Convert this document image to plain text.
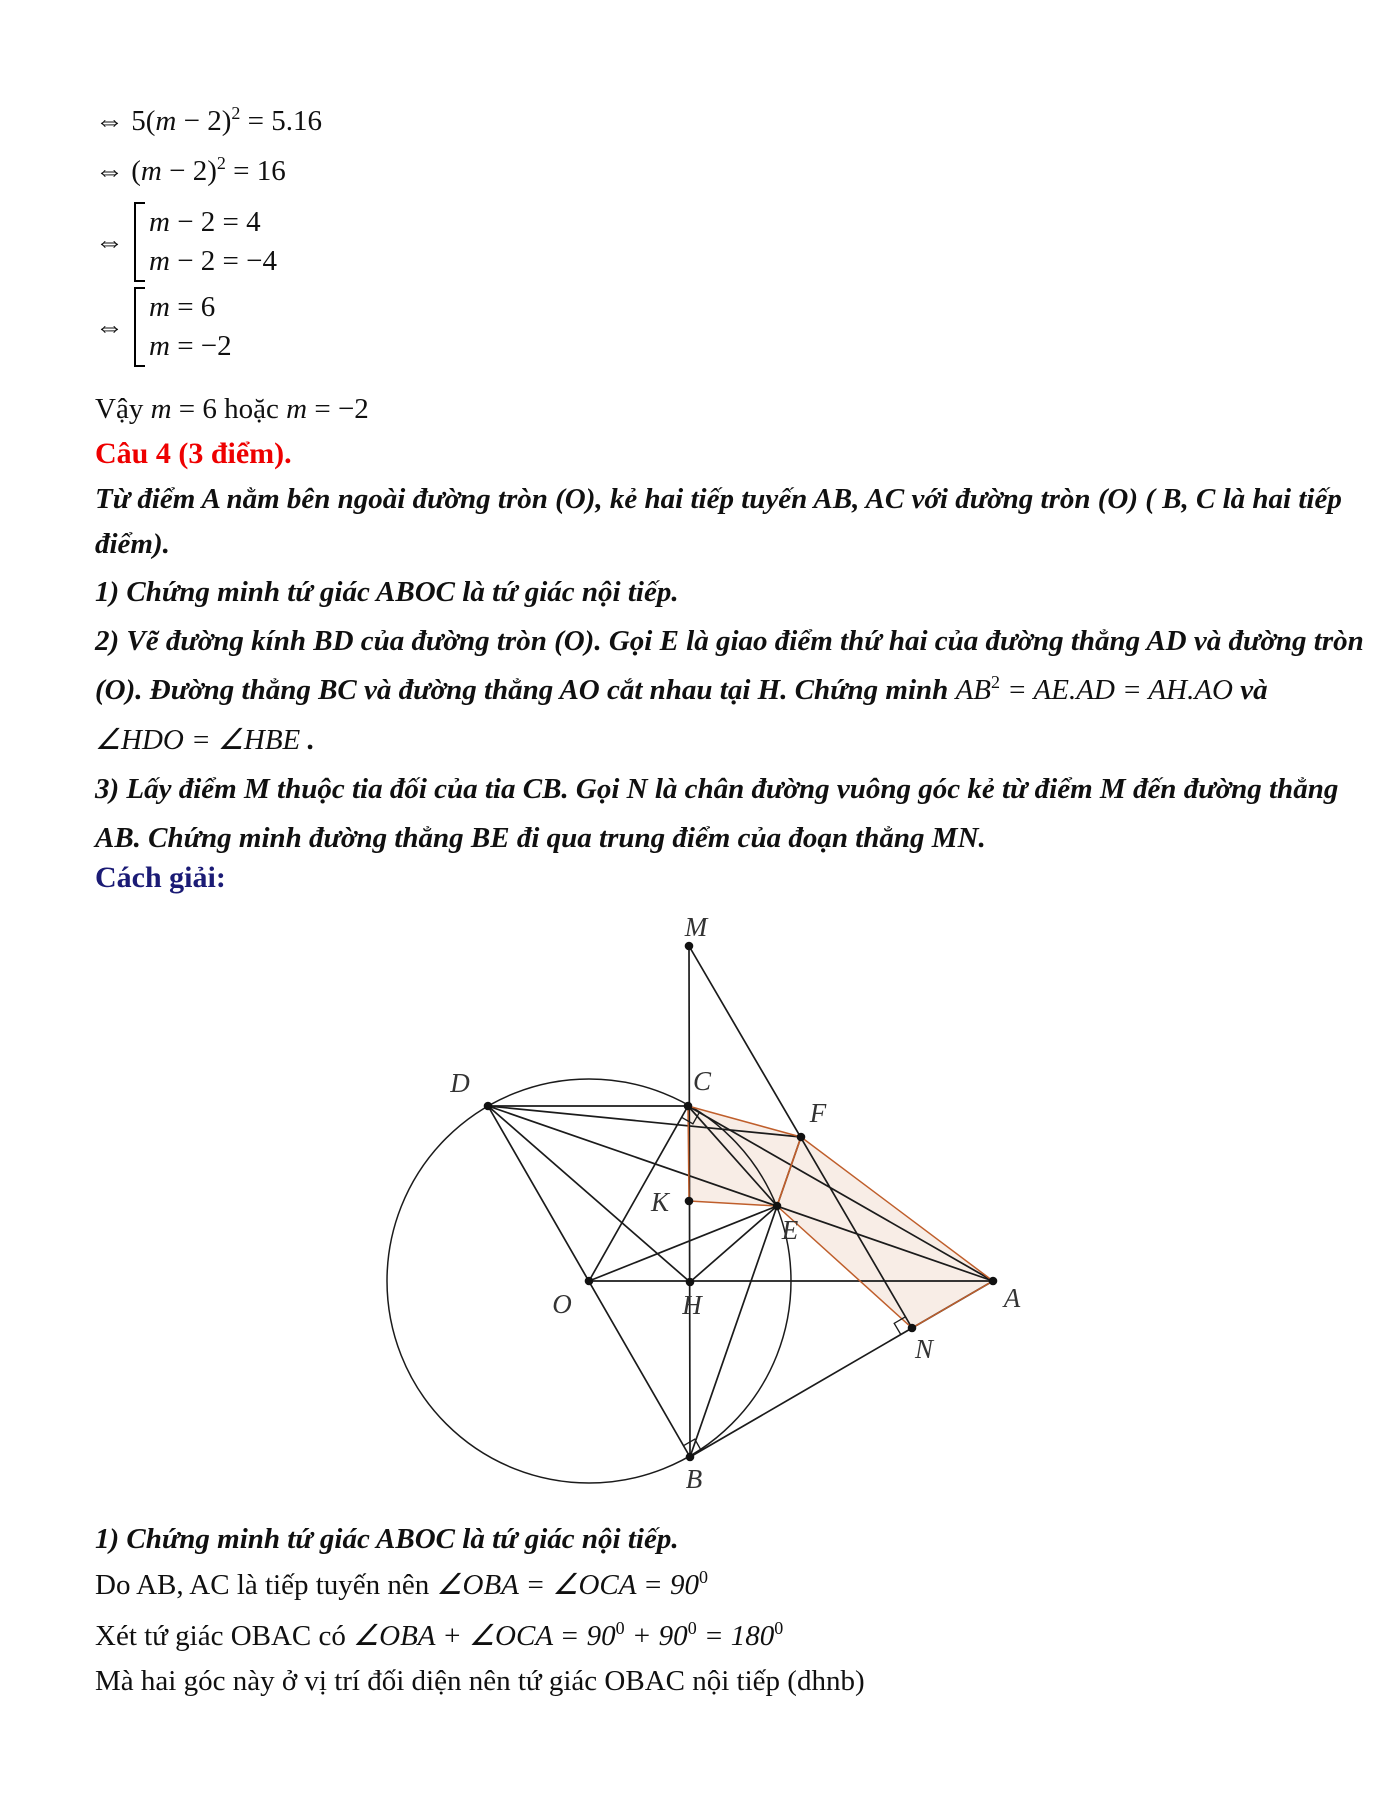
⇔ $5(m - 2)^2 = 5.16$
⇔ $(m - 2)^2 = 16$
⇔
m − 2 = 4
m − 2 = −4
⇔
m = 6
m = −2
Vậy m = 6 hoặc m = −2
Câu 4 (3 điểm).
Từ điểm A nằm bên ngoài đường tròn (O), kẻ hai tiếp tuyến AB, AC với đường tròn (O) ( B, C là hai tiếp
điểm).
1) Chứng minh tứ giác ABOC là tứ giác nội tiếp.
2) Vẽ đường kính BD của đường tròn (O). Gọi E là giao điểm thứ hai của đường thẳng AD và đường tròn
(O). Đường thẳng BC và đường thẳng AO cắt nhau tại H. Chứng minh $AB^2 = AE.AD = AH.AO$ và
∠HDO = ∠HBE .
3) Lấy điểm M thuộc tia đối của tia CB. Gọi N là chân đường vuông góc kẻ từ điểm M đến đường thẳng
AB. Chứng minh đường thẳng BE đi qua trung điểm của đoạn thẳng MN.
Cách giải:
M
D	C
F
K
E
O	H	A
N
B
1) Chứng minh tứ giác ABOC là tứ giác nội tiếp.
Do AB, AC là tiếp tuyến nên ∠OBA = ∠OCA = $90^0$
Xét tứ giác OBAC có ∠OBA + ∠OCA = $90^0 + 90^0 = 180^0$
Mà hai góc này ở vị trí đối diện nên tứ giác OBAC nội tiếp (dhnb)
